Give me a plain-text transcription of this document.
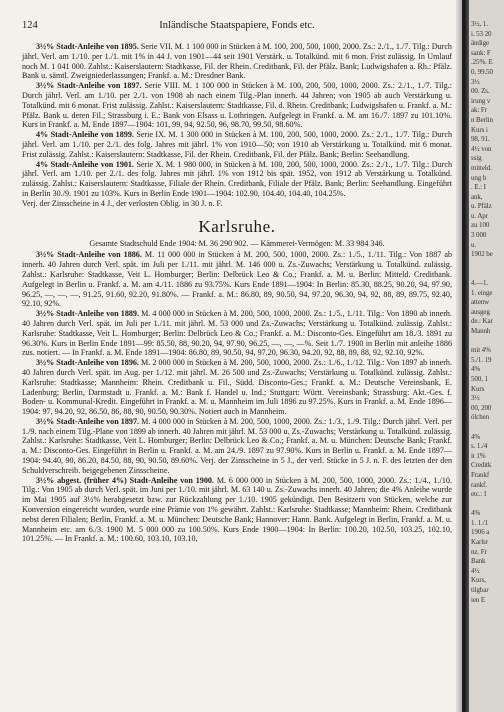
124	Inländische Staatspapiere, Fonds etc.

3½% Stadt-Anleihe von 1895. Serie VII. M. 1 100 000 in Stücken à M. 100, 200, 500, 1000, 2000. Zs.: 2./1., 1./7. Tilg.: Durch jährl. Verl. am 1./10. per 1./1. mit 1% in 44 J. von 1901—44 seit 1901 Verstärk. u. Totalkünd. mit 6 mon. Frist zulässig. In Umlauf noch M. 1 041 000. Zahlst.: Kaiserslautern: Stadtkasse, Fil. der Rhein. Creditbank, Fil. der Pfälz. Bank; Ludwigshafen a. Rh.: Pfälz. Bank u. sämtl. Zweigniederlassungen; Frankf. a. M.: Dresdner Bank.

3½% Stadt-Anleihe von 1897. Serie VIII. M. 1 100 000 in Stücken à M. 100, 200, 500, 1000, 2000. Zs.: 2./1., 1./7. Tilg.: Durch jährl. Verl. am 1./10. per 2./1. von 1908 ab nach einem Tilg.-Plan innerh. 44 Jahren; von 1905 ab auch Verstärkung u. Totalkünd. mit 6 monat. Frist zulässig. Zahlst.: Kaiserslautern: Stadtkasse, Fil. d. Rhein. Creditbank; Ludwigshafen u. Frankf. a. M.: Pfälz. Bank u. deren Fil.; Strassburg i. E.: Bank von Elsass u. Lothringen. Aufgelegt in Frankf. a. M. am 16./7. 1897 zu 101.10%. Kurs in Frankf. a. M. Ende 1897—1904: 101, 99, 94, 92.50, 96, 98.70, 99.50, 98.60%.

4% Stadt-Anleihe von 1899. Serie IX. M. 1 300 000 in Stücken à M. 100, 200, 500, 1000, 2000. Zs.: 2./1., 1./7. Tilg.: Durch jährl. Verl. am 1./10. per 2./1. des folg. Jahres mit jährl. 1% von 1910—50; von 1910 ab Verstärkung u. Totalkünd. mit 6 monat. Frist zulässig. Zahlst.: Kaiserslautern: Stadtkasse, Fil. der Rhein. Creditbank, Fil. der Pfälz. Bank; Berlin: Seehandlung.

4% Stadt-Anleihe von 1901. Serie X. M. 1 980 000, in Stücken à M. 100, 200, 500, 1000, 2000. Zs.: 2./1., 1./7. Tilg.: Durch jährl. Verl. am 1./10. per 2./1. des folg. Jahres mit jährl. 1% von 1912 bis spät. 1952, von 1912 ab Verstärkung u. Totalkünd. zulässig. Zahlst.: Kaiserslautern: Stadtkasse, Filiale der Rhein. Creditbank, Filiale der Pfälz. Bank; Berlin: Seehandlung. Eingeführt in Berlin 30./9. 1901 zu 103%. Kurs in Berlin Ende 1901—1904: 102.90, 104.40, 104.40, 104.25%.

Verj. der Zinsscheine in 4 J., der verlosten Oblig. in 30 J. n. F.

Karlsruhe.
Gesamte Stadtschuld Ende 1904: M. 36 290 902. — Kämmerei-Vermögen: M. 33 984 346.

3½% Stadt-Anleihe von 1886. M. 11 000 000 in Stücken à M. 200, 500, 1000, 2000. Zs.: 1./5., 1./11. Tilg.: Von 1887 ab innerh. 40 Jahren durch Verl. spät. im Juli per 1./11. mit jährl. M. 146 000 u. Zs.-Zuwachs; Verstärkung u. Totalkünd. zulässig. Zahlst.: Karlsruhe: Stadtkasse, Veit L. Homburger; Berlin: Delbrück Leo & Co.; Frankf. a. M. u. Berlin: Mitteld. Creditbank. Aufgelegt in Berlin u. Frankf. a. M. am 4./11. 1886 zu 93.75%. Kurs Ende 1891—1904: In Berlin: 85.30, 88.25, 90.20, 94, 97.90, 96.25, —, —, —, 91.25, 91.60, 92.20, 91.80%. — Frankf. a. M.: 86.80, 89, 90.50, 94, 97.20, 96.30, 94, 92, 88, 89, 89.75, 92.40, 92.10, 92%.

3½% Stadt-Anleihe von 1889. M. 4 000 000 in Stücken à M. 200, 500, 1000, 2000. Zs.: 1./5., 1./11. Tilg.: Von 1890 ab innerh. 40 Jahren durch Verl. spät. im Juli per 1./11. mit jährl. M. 53 000 und Zs.-Zuwachs; Verstärkung u. Totalkünd. zulässig. Zahlst.: Karlsruhe: Stadtkasse, Veit L. Homburger; Berlin: Delbrück Leo & Co.; Frankf. a. M.: Disconto-Ges. Eingeführt am 18./3. 1891 zu 96.30%. Kurs in Berlin Ende 1891—99: 85.50, 88, 90.20, 94, 97.90, 96.25, —, —, —%. Seit 1./7. 1900 in Berlin mit anleihe 1886 zus. notiert. — In Frankf. a. M. Ende 1891—1904: 86.80, 89, 90.50, 94, 97.20, 96.30, 94.20, 92, 88, 89, 88, 92, 92.10, 92%.

3½% Stadt-Anleihe von 1896. M. 2 000 000 in Stücken à M. 200, 500, 1000, 2000. Zs.: 1./6., 1./12. Tilg.: Von 1897 ab innerh. 40 Jahren durch Verl. spät. im Aug. per 1./12. mit jährl. M. 26 500 und Zs.-Zuwachs; Verstärkung u. Totalkünd. zulässig. Zahlst.: Karlsruhe: Stadtkasse; Mannheim: Rhein. Creditbank u. Fil., Südd. Disconto-Ges.; Frankf. a. M.: Deutsche Vereinsbank, E. Ladenburg; Berlin, Darmstadt u. Frankf. a. M.: Bank f. Handel u. Ind.; Stuttgart: Württ. Vereinsbank; Strassburg: Akt.-Ges. f. Boden- u. Kommunal-Kredit. Eingeführt in Frankf. a. M. u. Mannheim im Juli 1896 zu 97.25%. Kurs in Frankf. a. M. Ende 1896—1904: 97, 94.20, 92, 86.50, 86, 88, 90, 90.50, 90.30%. Notiert auch in Mannheim.

3½% Stadt-Anleihe von 1897. M. 4 000 000 in Stücken à M. 200, 500, 1000, 2000. Zs.: 1./3., 1./9. Tilg.: Durch jährl. Verl. per 1./9. nach einem Tilg.-Plane von 1899 ab innerh. 40 Jahren mit jährl. M. 53 000 u. Zs.-Zuwachs; Verstärkung u. Totalkünd. zulässig. Zahlst.: Karlsruhe: Stadtkasse, Veit L. Homburger; Berlin: Delbrück Leo & Co.; Frankf. a. M. u. München: Deutsche Bank; Frankf. a. M.: Disconto-Ges. Eingeführt in Berlin u. Frankf. a. M. am 24./9. 1897 zu 97.90%. Kurs in Berlin u. Frankf. a. M. Ende 1897—1904: 94.40, 90, 86.20, 84.50, 88, 90, 90.50, 89.60%. Verj. der Zinsscheine in 5 J., der verl. Stücke in 5 J. n. F. des letzten der den Schuldverschreib. beigegebenen Zinsscheine.

3½% abgest. (früher 4%) Stadt-Anleihe von 1900. M. 6 000 000 in Stücken à M. 200, 500, 1000, 2000. Zs.: 1./4., 1./10. Tilg.: Von 1905 ab durch Verl. spät. im Juni per 1./10. mit jährl. M. 63 140 u. Zs.-Zuwachs innerh. 40 Jahren; die 4% Anleihe wurde im Mai 1905 auf 3½% herabgesetzt bzw. zur Rückzahlung per 1./10. 1905 gekündigt. Den Besitzern von Stücken, welche zur Konversion eingereicht wurden, wurde eine Prämie von 1% gewährt. Zahlst.: Karlsruhe: Stadtkasse; Mannheim: Rhein. Creditbank nebst deren Filialen; Berlin, Frankf. a. M. u. München: Deutsche Bank; Hannover: Hann. Bank. Aufgelegt in Berlin, Frankf. a. M. u. Mannheim etc. am 6./3. 1900 M. 5 000 000 zu 100.50%. Kurs Ende 1900—1904: In Berlin: 100.20, 102.50, 103.25, 102.10, 101.25%. — In Frankf. a. M.: 100.60, 103.10, 103.10,

3½, 1.
i. 53 20
ändige
sank: F
.25%. E
0, 99.50
3½
00. Zs.
irung v
ak: Fr
n Berlin
Kurs i
98, 91.
4½ von
ssig
mitteld.
ung b
. E.: I
ank,
u. Pfälz
u. Apr
zu 100
3 000
u.
1902 be

4.—1.
1. einge
attenw
ausgeg
de.: Kar
Mannh

mit 4%
5./1. 19
4%
500, 1
Kurs
3½
00, 200
ölchen

4%
s. 1./4
it 1%
Creditk
Frankf
rankf.
etc.: I

4%
1. 1./1
1906 a
Karlsr
nz. Fr
Bank
4½
Kurs,
tilgbar
ien E
